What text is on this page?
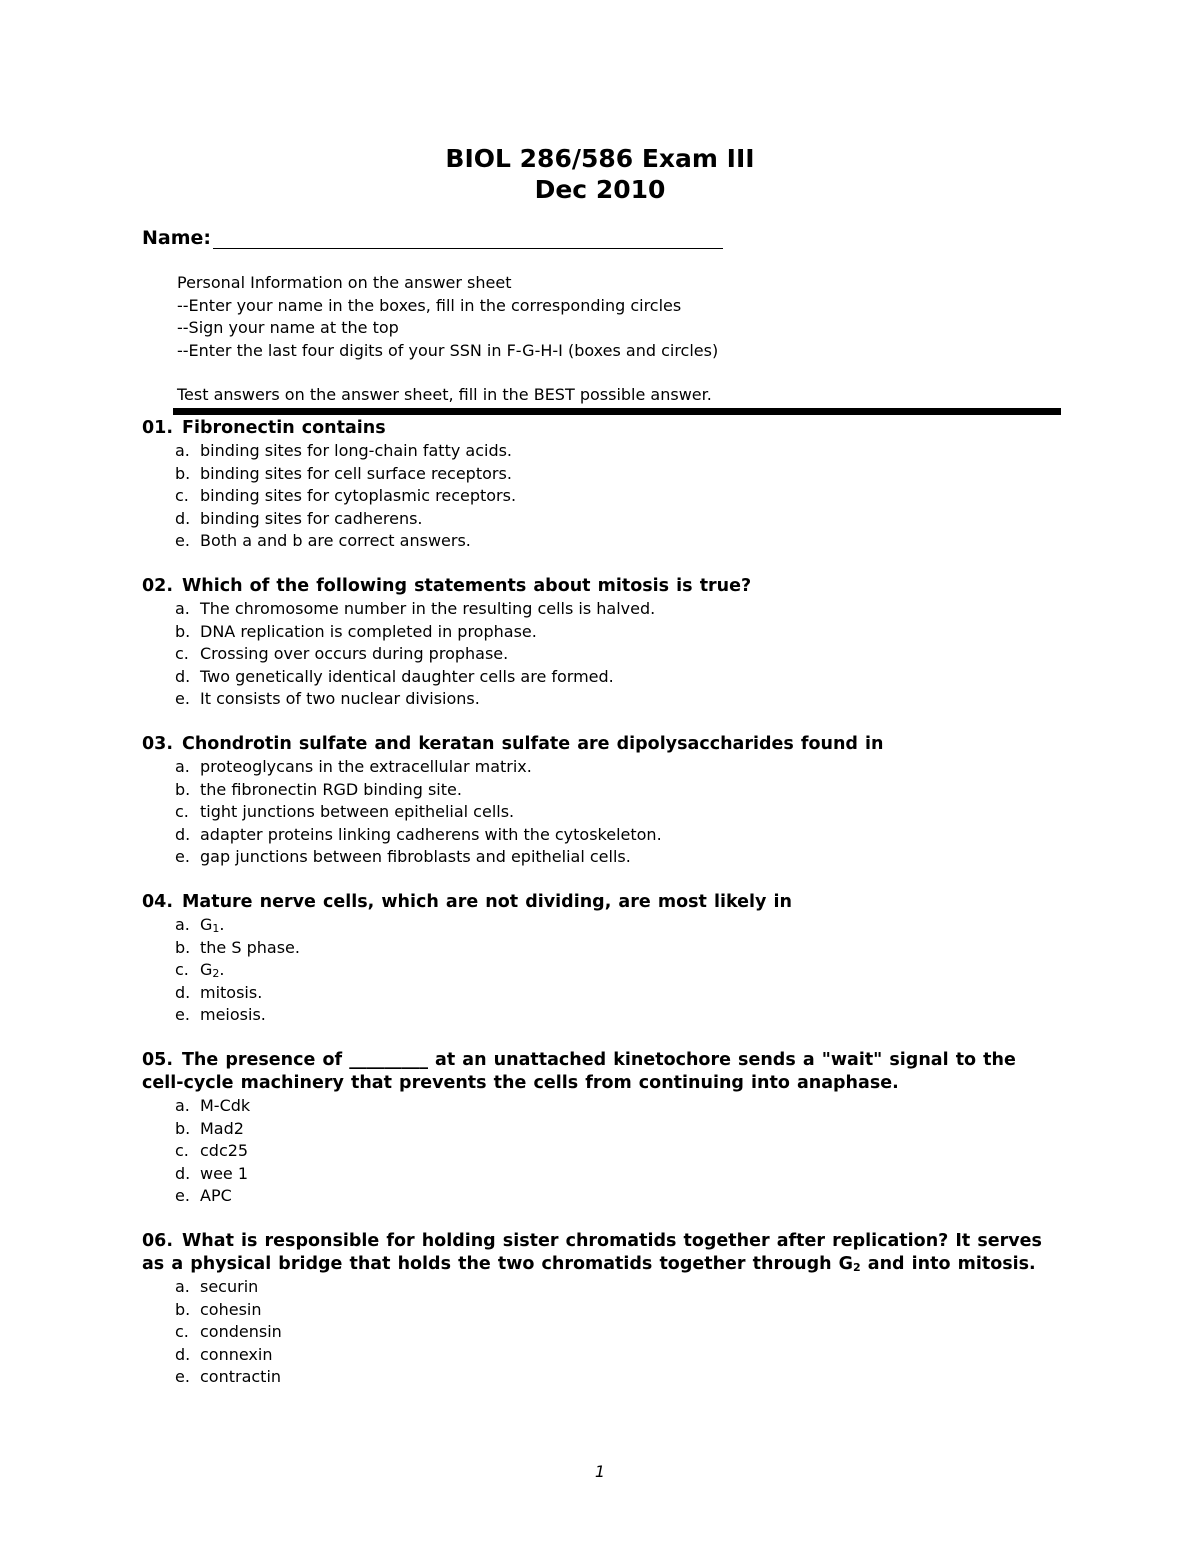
BIOL 286/586 Exam III
Dec 2010
Name:
Personal Information on the answer sheet
--Enter your name in the boxes, fill in the corresponding circles
--Sign your name at the top
--Enter the last four digits of your SSN in F-G-H-I (boxes and circles)
Test answers on the answer sheet, fill in the BEST possible answer.
01. Fibronectin contains
a. binding sites for long-chain fatty acids.
b. binding sites for cell surface receptors.
c. binding sites for cytoplasmic receptors.
d. binding sites for cadherens.
e. Both a and b are correct answers.
02. Which of the following statements about mitosis is true?
a. The chromosome number in the resulting cells is halved.
b. DNA replication is completed in prophase.
c. Crossing over occurs during prophase.
d. Two genetically identical daughter cells are formed.
e. It consists of two nuclear divisions.
03. Chondrotin sulfate and keratan sulfate are dipolysaccharides found in
a. proteoglycans in the extracellular matrix.
b. the fibronectin RGD binding site.
c. tight junctions between epithelial cells.
d. adapter proteins linking cadherens with the cytoskeleton.
e. gap junctions between fibroblasts and epithelial cells.
04. Mature nerve cells, which are not dividing, are most likely in
a. $G_1$.
b. the S phase.
c. $G_2$.
d. mitosis.
e. meiosis.
05. The presence of _________ at an unattached kinetochore sends a "wait" signal to the cell-cycle machinery that prevents the cells from continuing into anaphase.
a. M-Cdk
b. Mad2
c. cdc25
d. wee 1
e. APC
06. What is responsible for holding sister chromatids together after replication? It serves as a physical bridge that holds the two chromatids together through $G_2$ and into mitosis.
a. securin
b. cohesin
c. condensin
d. connexin
e. contractin
1
